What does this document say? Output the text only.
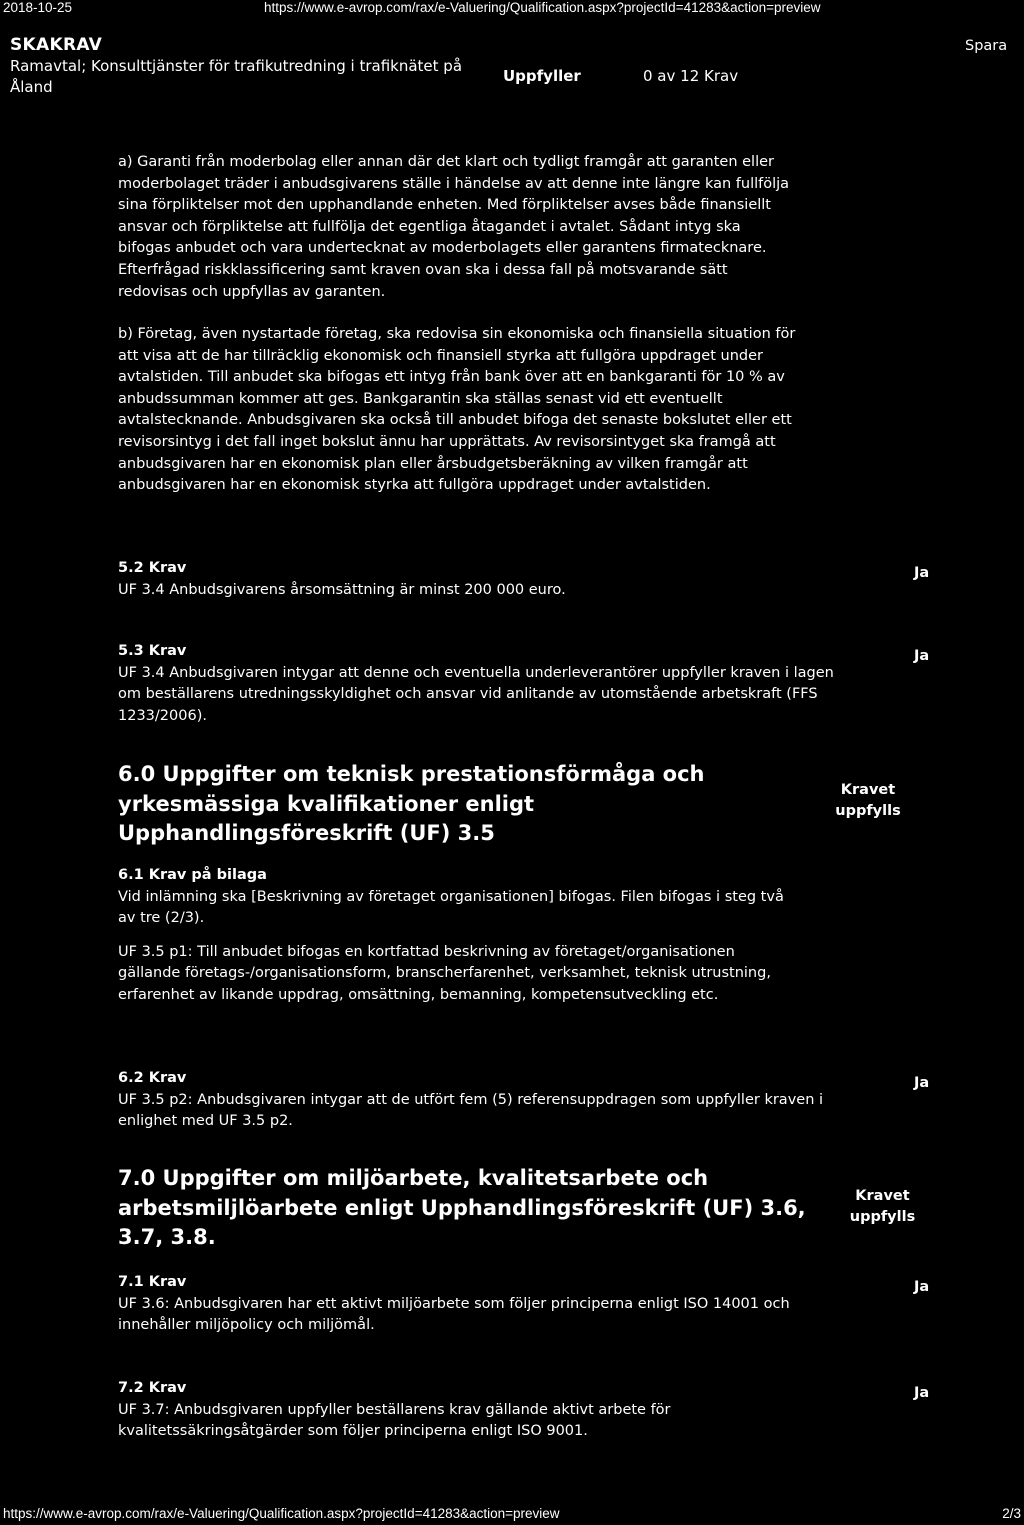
2018-10-25	https://www.e-avrop.com/rax/e-Valuering/Qualification.aspx?projectId=41283&action=preview
SKAKRAV
Ramavtal; Konsulttjänster för trafikutredning i trafiknätet på Åland
Uppfyller	0 av 12 Krav
Spara
a) Garanti från moderbolag eller annan där det klart och tydligt framgår att garanten eller moderbolaget träder i anbudsgivarens ställe i händelse av att denne inte längre kan fullfölja sina förpliktelser mot den upphandlande enheten. Med förpliktelser avses både finansiellt ansvar och förpliktelse att fullfölja det egentliga åtagandet i avtalet. Sådant intyg ska bifogas anbudet och vara undertecknat av moderbolagets eller garantens firmatecknare. Efterfrågad riskklassificering samt kraven ovan ska i dessa fall på motsvarande sätt redovisas och uppfyllas av garanten.
b) Företag, även nystartade företag, ska redovisa sin ekonomiska och finansiella situation för att visa att de har tillräcklig ekonomisk och finansiell styrka att fullgöra uppdraget under avtalstiden. Till anbudet ska bifogas ett intyg från bank över att en bankgaranti för 10 % av anbudssumman kommer att ges. Bankgarantin ska ställas senast vid ett eventuellt avtalstecknande. Anbudsgivaren ska också till anbudet bifoga det senaste bokslutet eller ett revisorsintyg i det fall inget bokslut ännu har upprättats. Av revisorsintyget ska framgå att anbudsgivaren har en ekonomisk plan eller årsbudgetsberäkning av vilken framgår att anbudsgivaren har en ekonomisk styrka att fullgöra uppdraget under avtalstiden.
5.2 Krav
UF 3.4 Anbudsgivarens årsomsättning är minst 200 000 euro.
Ja
5.3 Krav
UF 3.4 Anbudsgivaren intygar att denne och eventuella underleverantörer uppfyller kraven i lagen om beställarens utredningsskyldighet och ansvar vid anlitande av utomstående arbetskraft (FFS 1233/2006).
Ja
6.0 Uppgifter om teknisk prestationsförmåga och yrkesmässiga kvalifikationer enligt Upphandlingsföreskrift (UF) 3.5
Kravet uppfylls
6.1 Krav på bilaga
Vid inlämning ska [Beskrivning av företaget organisationen] bifogas. Filen bifogas i steg två av tre (2/3).
UF 3.5 p1: Till anbudet bifogas en kortfattad beskrivning av företaget/organisationen gällande företags-/organisationsform, branscherfarenhet, verksamhet, teknisk utrustning, erfarenhet av likande uppdrag, omsättning, bemanning, kompetensutveckling etc.
6.2 Krav
UF 3.5 p2: Anbudsgivaren intygar att de utfört fem (5) referensuppdragen som uppfyller kraven i enlighet med UF 3.5 p2.
Ja
7.0 Uppgifter om miljöarbete, kvalitetsarbete och arbetsmiljlöarbete enligt Upphandlingsföreskrift (UF) 3.6, 3.7, 3.8.
Kravet uppfylls
7.1 Krav
UF 3.6: Anbudsgivaren har ett aktivt miljöarbete som följer principerna enligt ISO 14001 och innehåller miljöpolicy och miljömål.
Ja
7.2 Krav
UF 3.7: Anbudsgivaren uppfyller beställarens krav gällande aktivt arbete för kvalitetssäkringsåtgärder som följer principerna enligt ISO 9001.
Ja
https://www.e-avrop.com/rax/e-Valuering/Qualification.aspx?projectId=41283&action=preview	2/3
